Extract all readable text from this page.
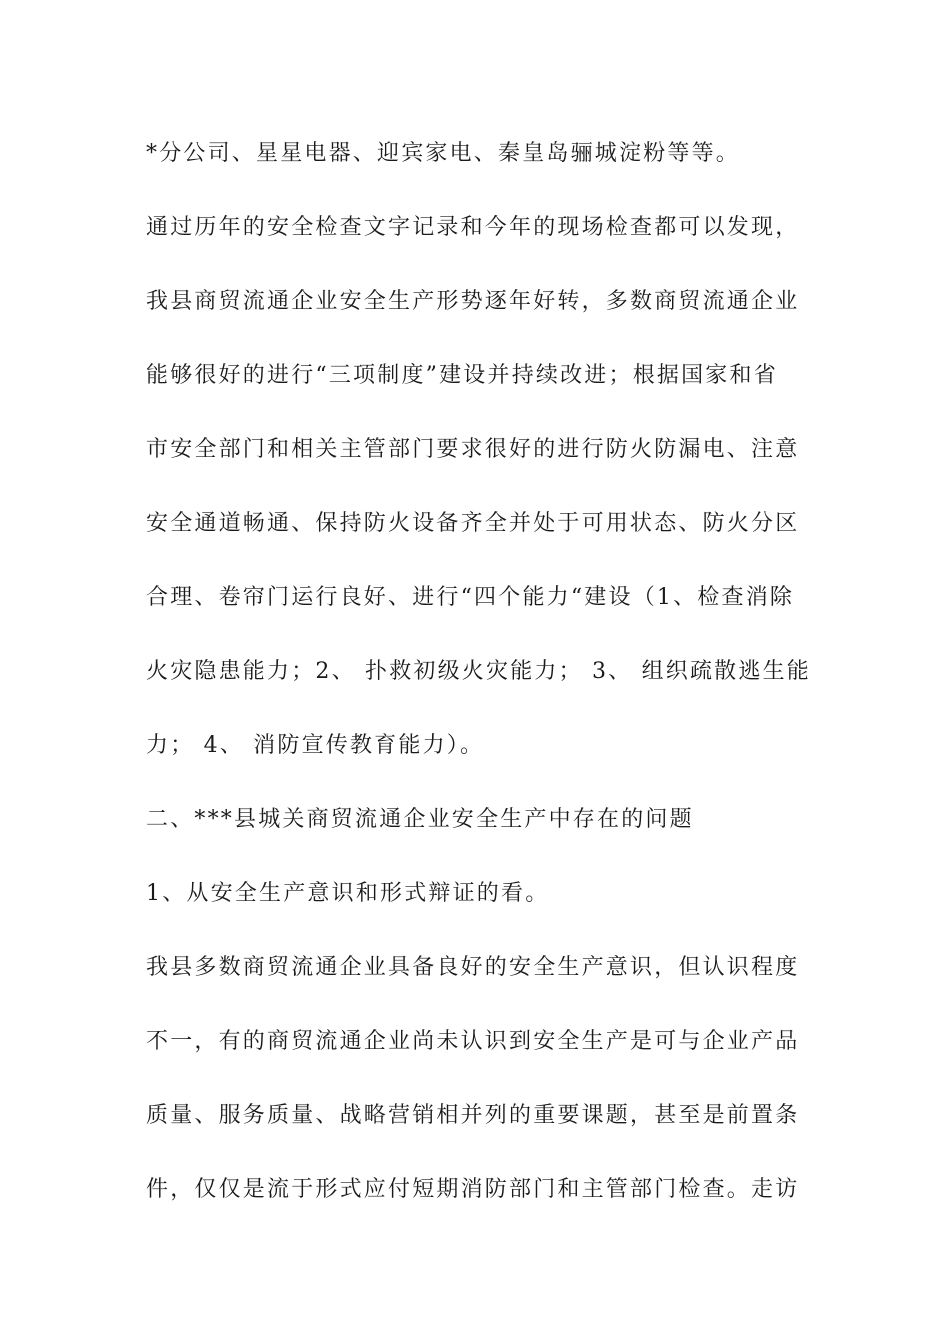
*分公司、星星电器、迎宾家电、秦皇岛骊城淀粉等等。
通过历年的安全检查文字记录和今年的现场检查都可以发现，
我县商贸流通企业安全生产形势逐年好转，多数商贸流通企业
能够很好的进行“三项制度”建设并持续改进；根据国家和省
市安全部门和相关主管部门要求很好的进行防火防漏电、注意
安全通道畅通、保持防火设备齐全并处于可用状态、防火分区
合理、卷帘门运行良好、进行“四个能力“建设（1、检查消除
火灾隐患能力；2、 扑救初级火灾能力； 3、 组织疏散逃生能
力； 4、 消防宣传教育能力）。
二、***县城关商贸流通企业安全生产中存在的问题
1、从安全生产意识和形式辩证的看。
我县多数商贸流通企业具备良好的安全生产意识，但认识程度
不一，有的商贸流通企业尚未认识到安全生产是可与企业产品
质量、服务质量、战略营销相并列的重要课题，甚至是前置条
件，仅仅是流于形式应付短期消防部门和主管部门检查。走访
